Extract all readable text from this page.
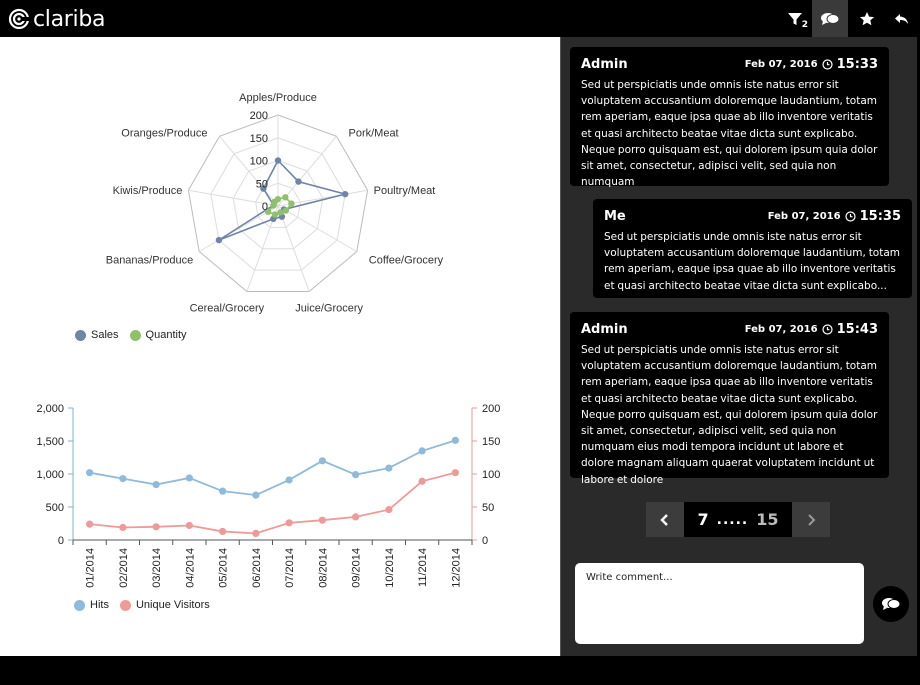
clariba	2
0
50
100
150
200
Apples/Produce
Pork/Meat
Poultry/Meat
Coffee/Grocery
Juice/Grocery
Cereal/Grocery
Bananas/Produce
Kiwis/Produce
Oranges/Produce
0
500
1,000
1,500
2,000
0
50
100
150
200
01/2014 02/2014 03/2014 04/2014 05/2014 06/2014 07/2014 08/2014 09/2014 10/2014 11/2014 12/2014
Sales Quantity
Hits Unique Visitors
Admin	Feb 07, 2016 15:33
Sed ut perspiciatis unde omnis iste natus error sit voluptatem accusantium doloremque laudantium, totam rem aperiam, eaque ipsa quae ab illo inventore veritatis et quasi architecto beatae vitae dicta sunt explicabo. Neque porro quisquam est, qui dolorem ipsum quia dolor sit amet, consectetur, adipisci velit, sed quia non numquam
Me	Feb 07, 2016 15:35
Sed ut perspiciatis unde omnis iste natus error sit voluptatem accusantium doloremque laudantium, totam rem aperiam, eaque ipsa quae ab illo inventore veritatis et quasi architecto beatae vitae dicta sunt explicabo...
Admin	Feb 07, 2016 15:43
Sed ut perspiciatis unde omnis iste natus error sit voluptatem accusantium doloremque laudantium, totam rem aperiam, eaque ipsa quae ab illo inventore veritatis et quasi architecto beatae vitae dicta sunt explicabo. Neque porro quisquam est, qui dolorem ipsum quia dolor sit amet, consectetur, adipisci velit, sed quia non numquam eius modi tempora incidunt ut labore et dolore magnam aliquam quaerat voluptatem incidunt ut labore et dolore
7 ..... 15
Write comment...
